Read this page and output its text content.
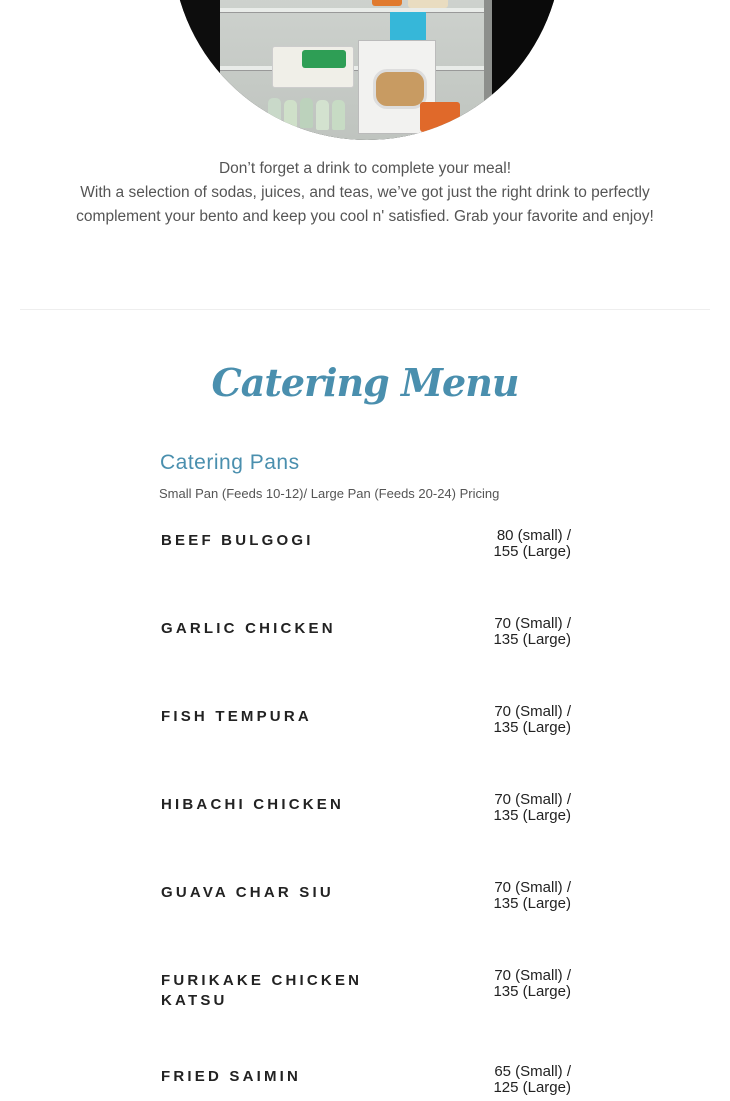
Don’t forget a drink to complete your meal!

With a selection of sodas, juices, and teas, we’ve got just the right drink to perfectly complement your bento and keep you cool n' satisfied. Grab your favorite and enjoy!

Catering Menu
Catering Pans
Small Pan (Feeds 10-12)/ Large Pan (Feeds 20-24) Pricing
BEEF BULGOGI	80 (small) /
155 (Large)
GARLIC CHICKEN	70 (Small) /
135 (Large)
FISH TEMPURA	70 (Small) /
135 (Large)
HIBACHI CHICKEN	70 (Small) /
135 (Large)
GUAVA CHAR SIU	70 (Small) /
135 (Large)
FURIKAKE CHICKEN KATSU
70 (Small) /
135 (Large)
FRIED SAIMIN	65 (Small) /
125 (Large)
